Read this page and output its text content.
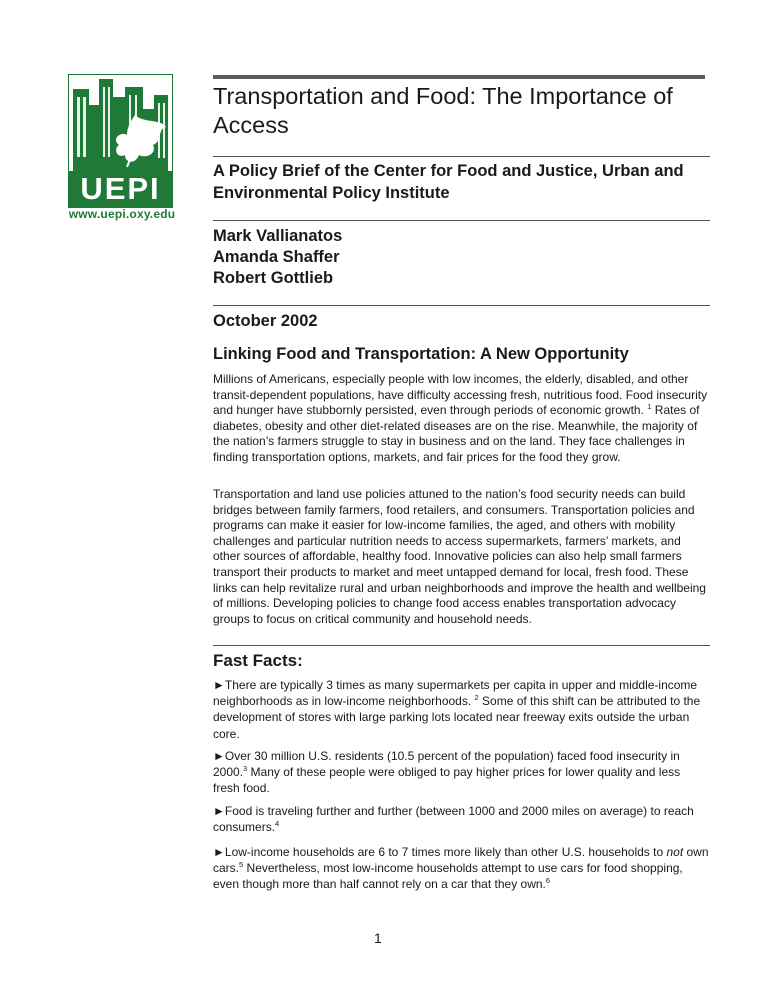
UEPI
www.uepi.oxy.edu
Transportation and Food: The Importance of Access
A Policy Brief of the Center for Food and Justice, Urban and Environmental Policy Institute
Mark Vallianatos
Amanda Shaffer
Robert Gottlieb
October 2002
Linking Food and Transportation: A New Opportunity

Millions of Americans, especially people with low incomes, the elderly, disabled, and other transit-dependent populations, have difficulty accessing fresh, nutritious food. Food insecurity and hunger have stubbornly persisted, even through periods of economic growth. $^1$ Rates of diabetes, obesity and other diet-related diseases are on the rise. Meanwhile, the majority of the nation’s farmers struggle to stay in business and on the land. They face challenges in finding transportation options, markets, and fair prices for the food they grow.

Transportation and land use policies attuned to the nation’s food security needs can build bridges between family farmers, food retailers, and consumers. Transportation policies and programs can make it easier for low-income families, the aged, and others with mobility challenges and particular nutrition needs to access supermarkets, farmers’ markets, and other sources of affordable, healthy food. Innovative policies can also help small farmers transport their products to market and meet untapped demand for local, fresh food. These links can help revitalize rural and urban neighborhoods and improve the health and wellbeing of millions. Developing policies to change food access enables transportation advocacy groups to focus on critical community and household needs.

Fast Facts:

►There are typically 3 times as many supermarkets per capita in upper and middle-income neighborhoods as in low-income neighborhoods. $^2$ Some of this shift can be attributed to the development of stores with large parking lots located near freeway exits outside the urban core.

►Over 30 million U.S. residents (10.5 percent of the population) faced food insecurity in 2000.$^3$ Many of these people were obliged to pay higher prices for lower quality and less fresh food.

►Food is traveling further and further (between 1000 and 2000 miles on average) to reach consumers.$^4$

►Low-income households are 6 to 7 times more likely than other U.S. households to not own cars.$^5$ Nevertheless, most low-income households attempt to use cars for food shopping, even though more than half cannot rely on a car that they own.$^6$

1
